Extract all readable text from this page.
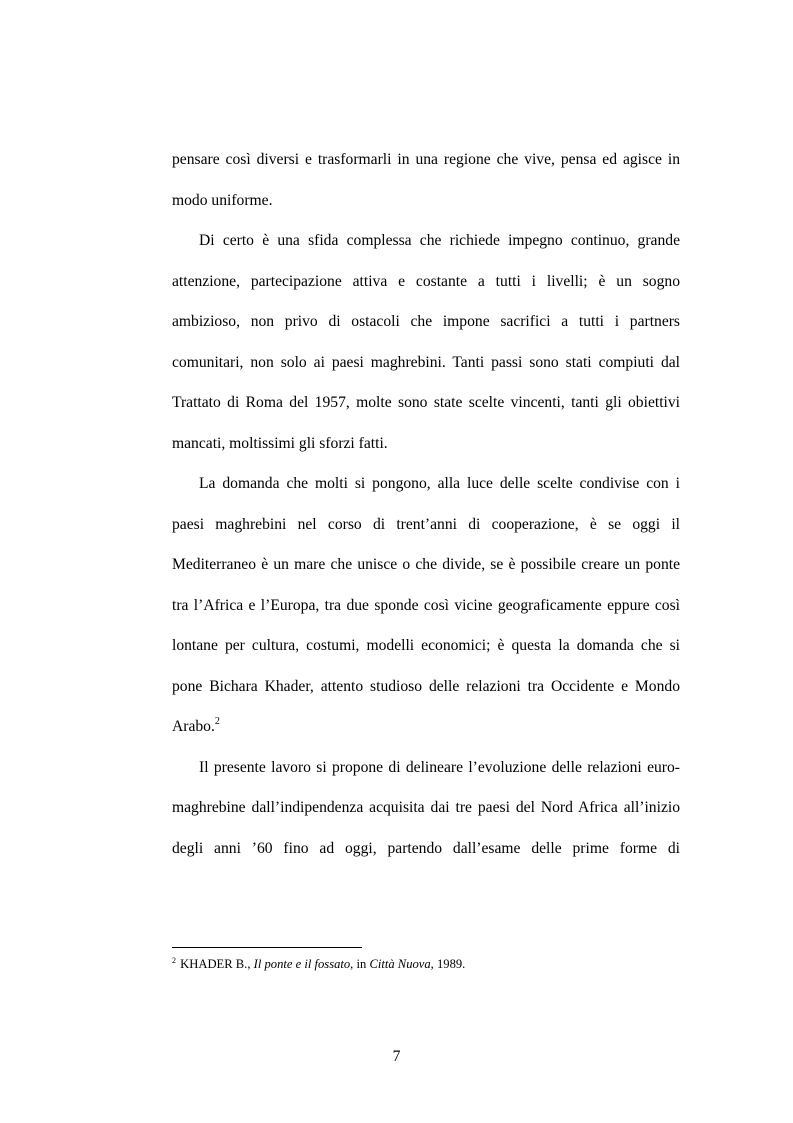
pensare così diversi e trasformarli in una regione che vive, pensa ed agisce in
modo uniforme.
Di certo è una sfida complessa che richiede impegno continuo, grande
attenzione, partecipazione attiva e costante a tutti i livelli; è un sogno
ambizioso, non privo di ostacoli che impone sacrifici a tutti i partners
comunitari, non solo ai paesi maghrebini. Tanti passi sono stati compiuti dal
Trattato di Roma del 1957, molte sono state scelte vincenti, tanti gli obiettivi
mancati, moltissimi gli sforzi fatti.
La domanda che molti si pongono, alla luce delle scelte condivise con i
paesi maghrebini nel corso di trent’anni di cooperazione, è se oggi il
Mediterraneo è un mare che unisce o che divide, se è possibile creare un ponte
tra l’Africa e l’Europa, tra due sponde così vicine geograficamente eppure così
lontane per cultura, costumi, modelli economici; è questa la domanda che si
pone Bichara Khader, attento studioso delle relazioni tra Occidente e Mondo
Arabo.$^2$
Il presente lavoro si propone di delineare l’evoluzione delle relazioni euro-
maghrebine dall’indipendenza acquisita dai tre paesi del Nord Africa all’inizio
degli anni ’60 fino ad oggi, partendo dall’esame delle prime forme di
$^2$ KHADER B., Il ponte e il fossato, in Città Nuova, 1989.
7
